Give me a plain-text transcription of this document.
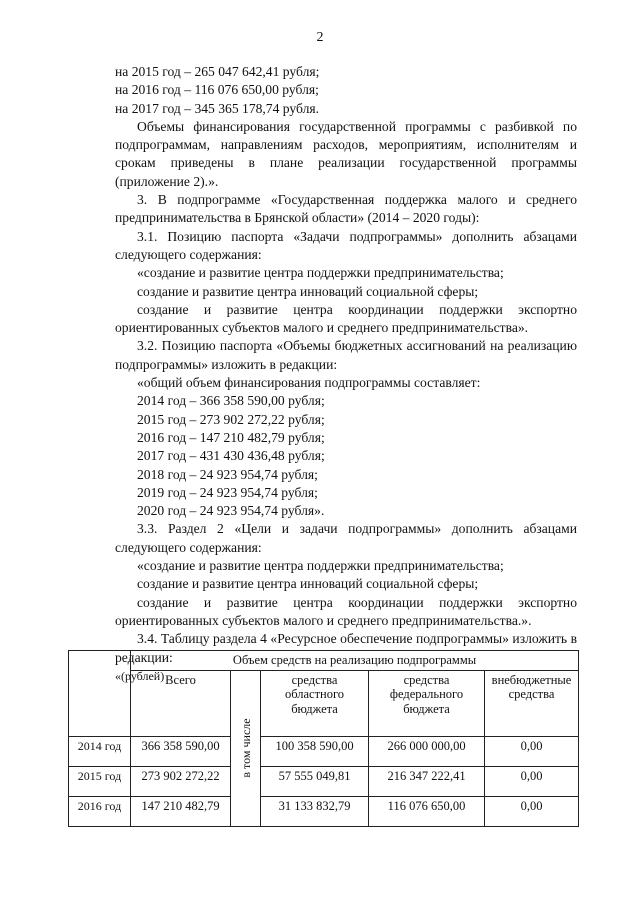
2

на 2015 год – 265 047 642,41 рубля;

на 2016 год – 116 076 650,00 рубля;

на 2017 год – 345 365 178,74 рубля.

Объемы финансирования государственной программы с разбивкой по подпрограммам, направлениям расходов, мероприятиям, исполнителям и срокам приведены в плане реализации государственной программы (приложение 2).».

3. В подпрограмме «Государственная поддержка малого и среднего предпринимательства в Брянской области» (2014 – 2020 годы):

3.1. Позицию паспорта «Задачи подпрограммы» дополнить абзацами следующего содержания:

«создание и развитие центра поддержки предпринимательства;

создание и развитие центра инноваций социальной сферы;

создание и развитие центра координации поддержки экспортно ориентированных субъектов малого и среднего предпринимательства».

3.2. Позицию паспорта «Объемы бюджетных ассигнований на реализацию подпрограммы» изложить в редакции:

«общий объем финансирования подпрограммы составляет:

2014 год – 366 358 590,00 рубля;

2015 год – 273 902 272,22 рубля;

2016 год – 147 210 482,79 рубля;

2017 год – 431 430 436,48 рубля;

2018 год – 24 923 954,74 рубля;

2019 год – 24 923 954,74 рубля;

2020 год – 24 923 954,74 рубля».

3.3. Раздел 2 «Цели и задачи подпрограммы» дополнить абзацами следующего содержания:

«создание и развитие центра поддержки предпринимательства;

создание и развитие центра инноваций социальной сферы;

создание и развитие центра координации поддержки экспортно ориентированных субъектов малого и среднего предпринимательства.».

3.4. Таблицу раздела 4 «Ресурсное обеспечение подпрограммы» изложить в редакции:

«(рублей)

	Объем средств на реализацию подпрограммы				
	Всего	в том числе	средства областного бюджета	средства федерального бюджета	внебюджетные средства
2014 год	366 358 590,00		100 358 590,00	266 000 000,00	0,00
2015 год	273 902 272,22		57 555 049,81	216 347 222,41	0,00
2016 год	147 210 482,79		31 133 832,79	116 076 650,00	0,00
